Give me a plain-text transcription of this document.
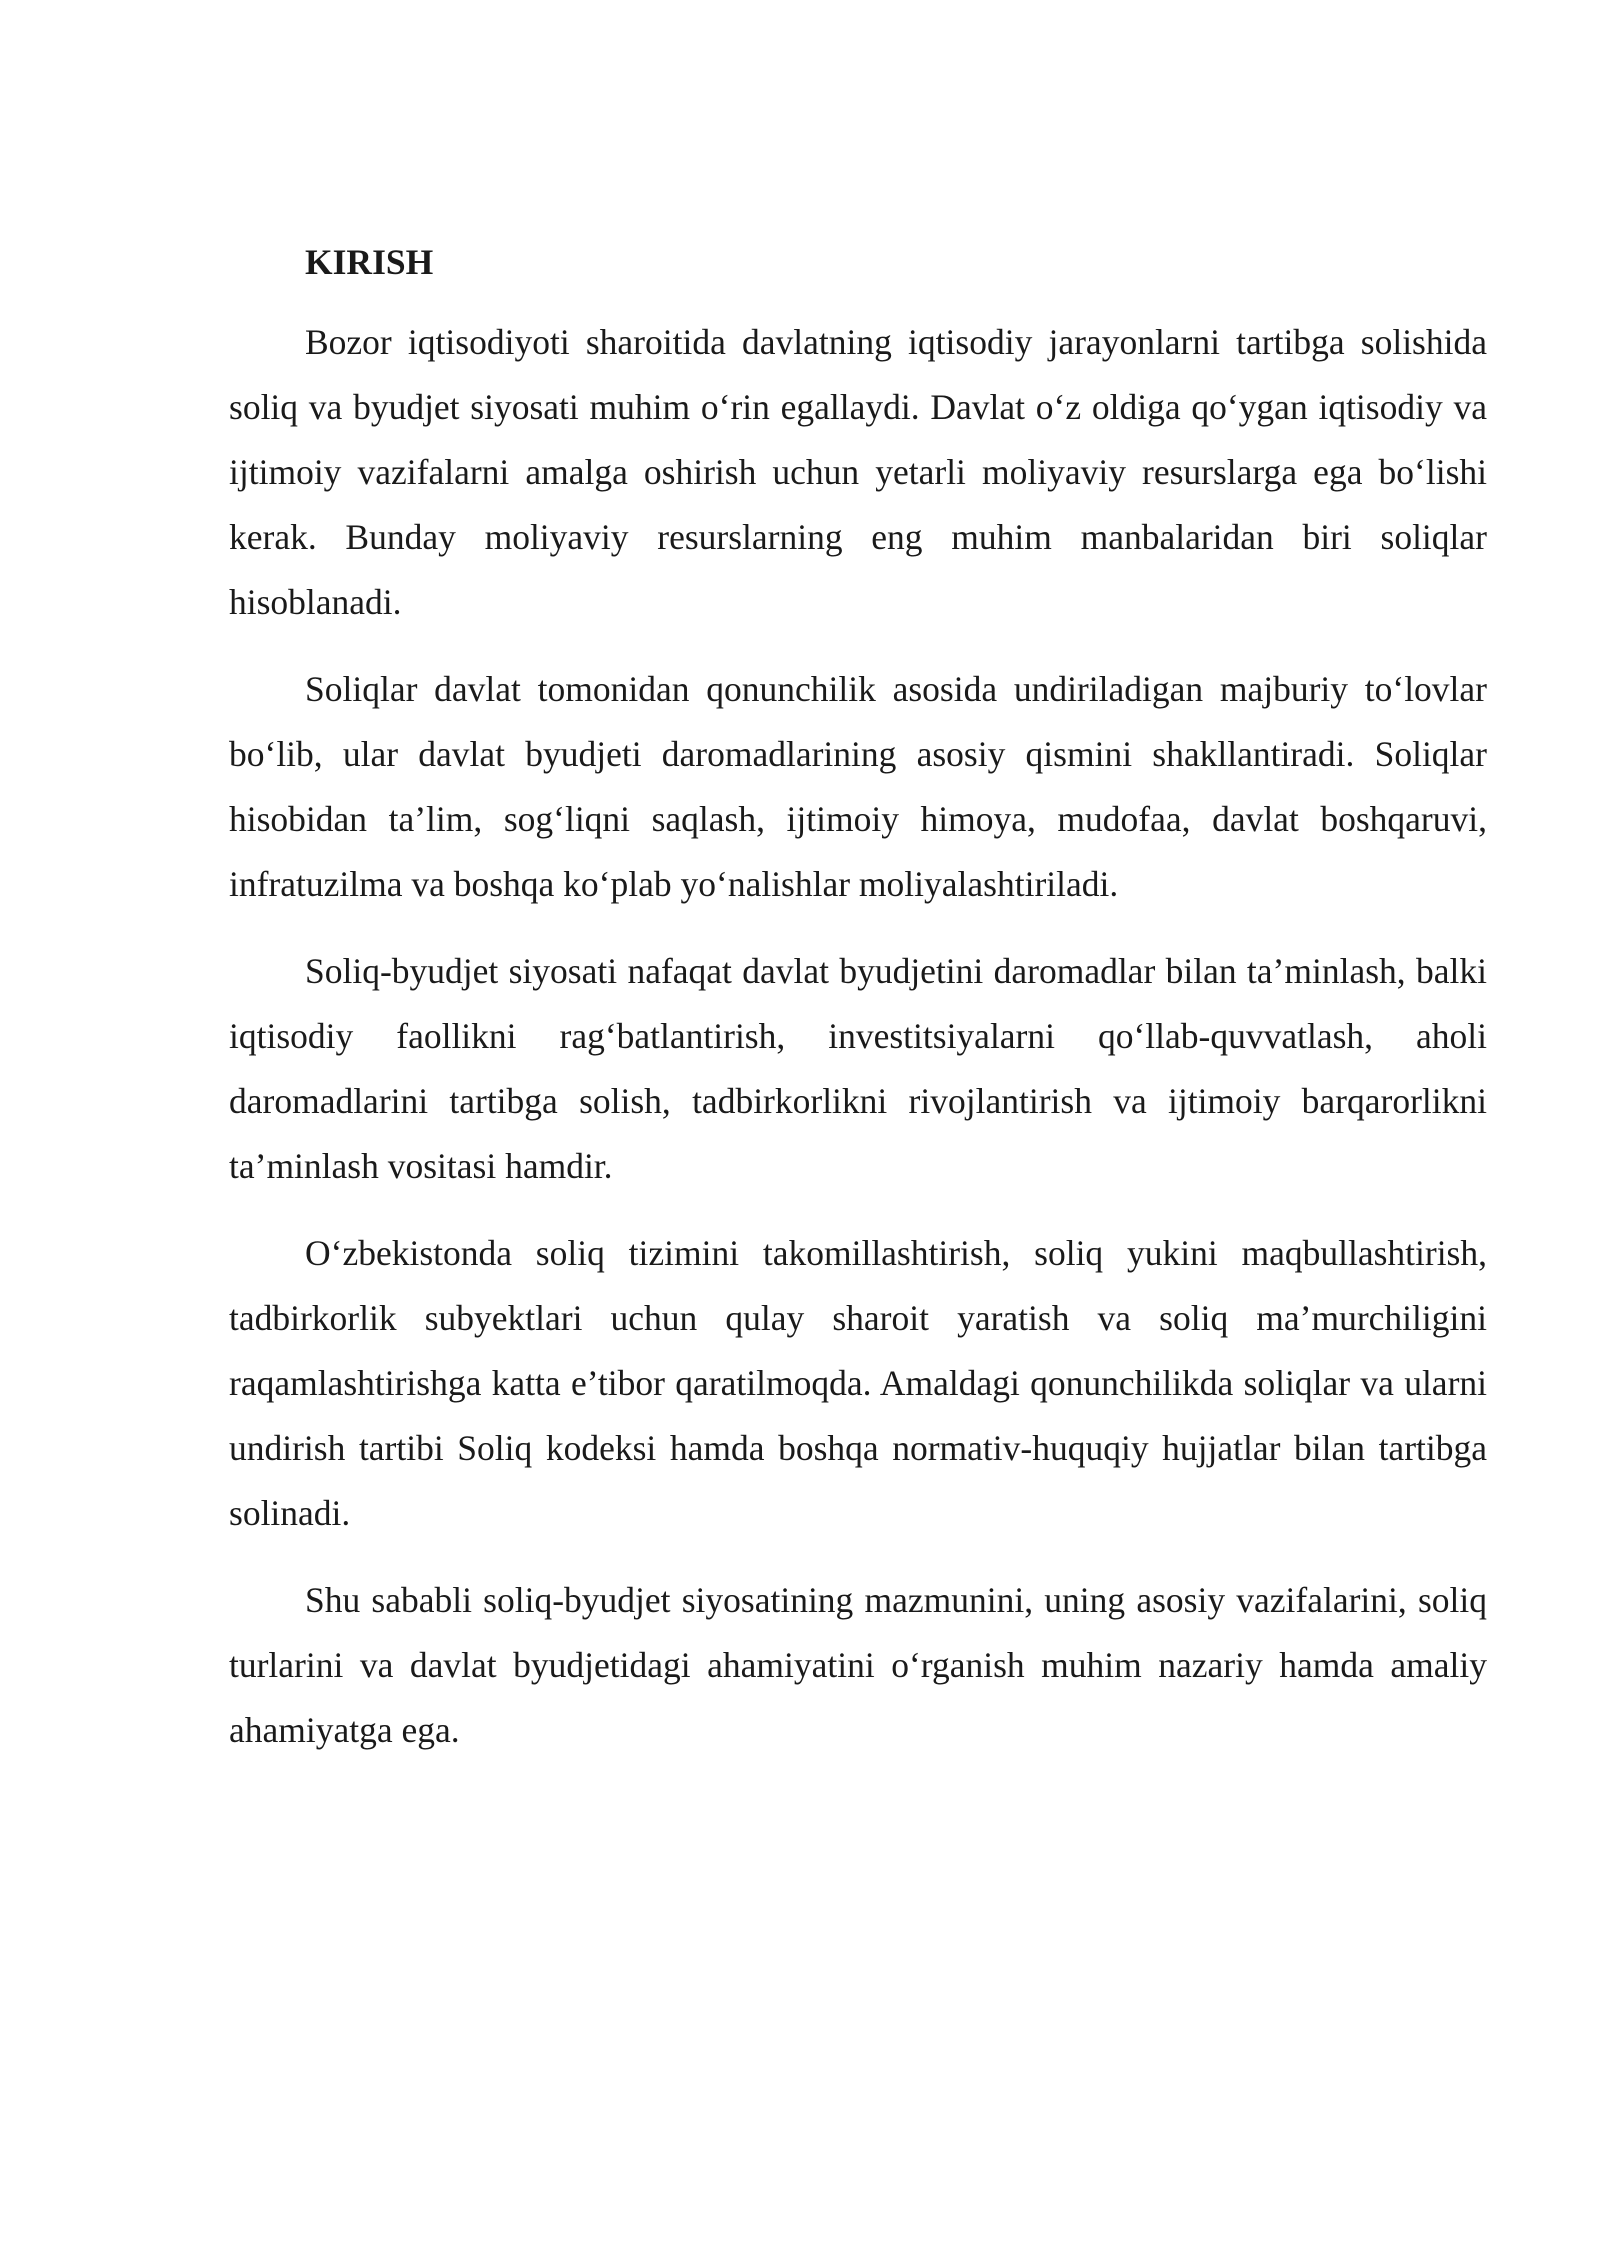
KIRISH

Bozor iqtisodiyoti sharoitida davlatning iqtisodiy jarayonlarni tartibga solishida soliq va byudjet siyosati muhim o‘rin egallaydi. Davlat o‘z oldiga qo‘ygan iqtisodiy va ijtimoiy vazifalarni amalga oshirish uchun yetarli moliyaviy resurslarga ega bo‘lishi kerak. Bunday moliyaviy resurslarning eng muhim manbalaridan biri soliqlar hisoblanadi.

Soliqlar davlat tomonidan qonunchilik asosida undiriladigan majburiy to‘lovlar bo‘lib, ular davlat byudjeti daromadlarining asosiy qismini shakllantiradi. Soliqlar hisobidan ta’lim, sog‘liqni saqlash, ijtimoiy himoya, mudofaa, davlat boshqaruvi, infratuzilma va boshqa ko‘plab yo‘nalishlar moliyalashtiriladi.

Soliq-byudjet siyosati nafaqat davlat byudjetini daromadlar bilan ta’minlash, balki iqtisodiy faollikni rag‘batlantirish, investitsiyalarni qo‘llab-quvvatlash, aholi daromadlarini tartibga solish, tadbirkorlikni rivojlantirish va ijtimoiy barqarorlikni ta’minlash vositasi hamdir.

O‘zbekistonda soliq tizimini takomillashtirish, soliq yukini maqbullashtirish, tadbirkorlik subyektlari uchun qulay sharoit yaratish va soliq ma’murchiligini raqamlashtirishga katta e’tibor qaratilmoqda. Amaldagi qonunchilikda soliqlar va ularni undirish tartibi Soliq kodeksi hamda boshqa normativ-huquqiy hujjatlar bilan tartibga solinadi.

Shu sababli soliq-byudjet siyosatining mazmunini, uning asosiy vazifalarini, soliq turlarini va davlat byudjetidagi ahamiyatini o‘rganish muhim nazariy hamda amaliy ahamiyatga ega.
